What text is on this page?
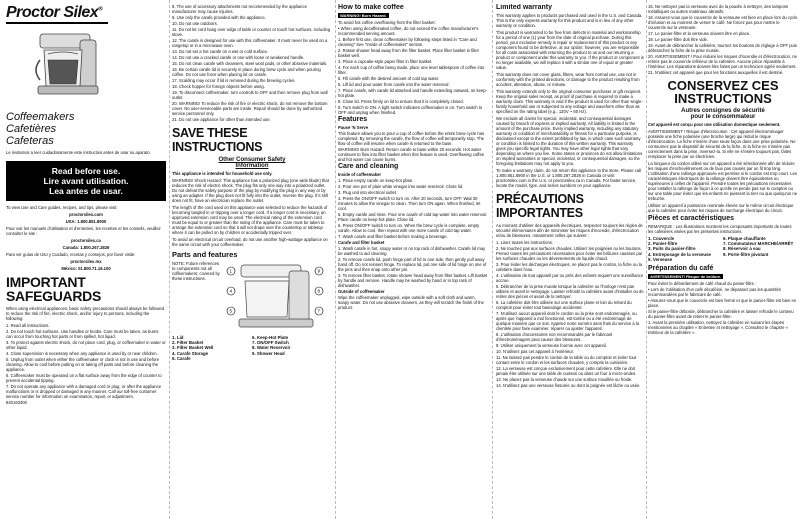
Proctor Silex®
Coffeemakers
Cafetières
Cafeteras
Le invitamos a leer cuidadosamente este instructivo antes de usar su aparato.
Read before use.
Lire avant utilisation.
Lea antes de usar.

To view Use and Care guides, recipes, and tips, please visit:

proctorsilex.com

USA: 1.800.851.8900

Pour voir les manuels d'utilisation et d'entretien, les recettes et les conseils, veuillez consulter le site :

proctorsilex.ca

Canada: 1.800.267.2826

Para ver guías de Uso y Cuidado, recetas y consejos, por favor visite:

proctorsilex.mx

México: 01.800.71.16.100

IMPORTANT SAFEGUARDS
When using electrical appliances, basic safety precautions should always be followed to reduce the risk of fire, electric shock, and/or injury to persons, including the following:
1. Read all instructions.
2. Do not touch hot surfaces. Use handles or knobs. Care must be taken, as burns can occur from touching hot parts or from spilled, hot liquid.
3. To protect against electric shock, do not place cord, plug, or coffeemaker in water or other liquid.
4. Close supervision is necessary when any appliance is used by or near children.
5. Unplug from outlet when either the coffeemaker or clock is not in use and before cleaning. Allow to cool before putting on or taking off parts and before cleaning the appliance.
6. Coffeemaker must be operated on a flat surface away from the edge of counter to prevent accidental tipping.
7. Do not operate any appliance with a damaged cord or plug, or after the appliance malfunctions or is dropped or damaged in any manner. Call our toll-free customer service number for information on examination, repair, or adjustment.
840163400
8. The use of accessory attachments not recommended by the appliance manufacturer may cause injuries.
9. Use only the carafe provided with the appliance.
10. Do not use outdoors.
11. Do not let cord hang over edge of table or counter or touch hot surfaces, including stove.
12. The carafe is designed for use with this coffeemaker. It must never be used on a rangetop or in a microwave oven.
13. Do not set a hot carafe on a wet or cold surface.
14. Do not use a cracked carafe or one with loose or weakened handle.
15. Do not clean carafe with cleansers, steel wool pads, or other abrasive materials.
16. Be certain carafe lid is securely in place during brew cycle and when pouring coffee. Do not use force when placing lid on carafe.
17. Scalding may occur if lid is removed during the brewing cycles.
18. Check hopper for foreign objects before using.
19. To disconnect coffeemaker, turn controls to OFF and then remove plug from wall outlet.
20. WARNING! To reduce the risk of fire or electric shock, do not remove the bottom cover. No user-serviceable parts are inside. Repair should be done by authorized service personnel only.
21. Do not use appliance for other than intended use.
SAVE THESE INSTRUCTIONS
Other Consumer Safety
Information
This appliance is intended for household use only.
WARNING! Shock Hazard: This appliance has a polarized plug (one wide blade) that reduces the risk of electric shock. The plug fits only one way into a polarized outlet. Do not defeat the safety purpose of the plug by modifying the plug in any way or by using an adapter. If the plug does not fit fully into the outlet, reverse the plug. If it still does not fit, have an electrician replace the outlet.
The length of the cord used on this appliance was selected to reduce the hazards of becoming tangled in or tripping over a longer cord. If a longer cord is necessary, an approved extension cord may be used. The electrical rating of the extension cord must be equal to or greater than the rating of the appliance. Care must be taken to arrange the extension cord so that it will not drape over the countertop or tabletop where it can be pulled on by children or accidentally tripped over.
To avoid an electrical circuit overload, do not use another high-wattage appliance on the same circuit with your coffeemaker.
Parts and features
NOTE: Future references to components not all coffeemakers; covered by these instructions.
1
4
5
9
8
7
1. Lid	6. Keep-Hot Plate
2. Filter Basket	7. ON/OFF Switch
3. Filter Basket Well	8. Water Reservoir
4. Carafe Storage	9. Shower Head
5. Carafe
How to make coffee
WARNING! Burn Hazard.
To avoid hot coffee overflowing from the filter basket:
• When using decaffeinated coffee, do not exceed the coffee manufacturer's recommended serving amount.
1. Before first use, clean coffeemaker by following steps listed in "Care and cleaning" See "Inside of coffeemaker" section.
2. Rotate shower head away from the filter basket. Place filter basket in filter basket well.
3. Place a cupcake-style paper filter in filter basket.
4. For each cup of coffee being made, place one level tablespoon of coffee into filter.
5. Fill carafe with the desired amount of cold tap water.
6. Lift lid and pour water from carafe into the water reservoir.
7. Place carafe, with carafe lid attached and handle extending outward, on keep-hot plate.
8. Close lid. Press firmly on lid to ensure that it is completely closed.
9. Turn switch to ON. A light switch indicates coffeemaker is on. Turn switch to OFF and unplug when finished.
Features
Pause 'N Serve
This feature allows you to pour a cup of coffee before the entire brew cycle has completed. By removing the carafe, the flow of coffee will temporarily stop. The flow of coffee will resume when carafe is returned to the base.
WARNING! Burn Hazard. Return carafe to base within 20 seconds. Hot water continues to flow into filter basket when this feature is used. Overflowing coffee and hot water can cause burns.
Care and cleaning
Inside of coffeemaker
1. Place empty carafe on keep-hot plate.
2. Pour one pot of plain white vinegar into water reservoir. Close lid.
3. Plug unit into electrical outlet.
4. Press the ON/OFF switch to turn on. After 20 seconds, turn OFF. Wait 30 minutes to allow the vinegar to clean. Then turn ON again. When finished, let cool.
5. Empty carafe and rinse. Pour one carafe of cold tap water into water reservoir. Place carafe on keep-hot plate. Close lid.
6. Press ON/OFF switch to turn on. When the brew cycle is complete, empty carafe. Allow to cool, then repeat with one more carafe of cold tap water.
7. Wash carafe and filter basket before making a beverage.
Carafe and filter basket
1. Wash carafe in hot, soapy water or on top rack of dishwasher. Carafe lid may be washed to aid cleaning.
2. To remove carafe lid, push hinge part of lid to one side, then gently pull away hand off. Do not reinsert hinge. To replace lid, put one side of lid hinge on one of the pins and then snap onto other pin.
3. To remove filter basket, rotate shower head away from filter basket. Lift basket by handle and remove. Handle may be washed by hand or in top rack of dishwasher.
Outside of coffeemaker
Wipe the coffeemaker unplugged, wipe outside with a soft cloth and warm, soapy water. Do not use abrasive cleaners, as they will scratch the finish of the product.
Limited warranty

This warranty applies to products purchased and used in the U.S. and Canada. This is the only express warranty for this product and is in lieu of any other warranty or condition.

This product is warranted to be free from defects in material and workmanship for a period of one (1) year from the date of original purchase. During this period, your exclusive remedy is repair or replacement of this product or any component found to be defective, at our option; however, you are responsible for all costs associated with returning the product to us and our returning a product or component under this warranty to you. If the product or component is no longer available, we will replace it with a similar one of equal or greater value.

This warranty does not cover glass, filters, wear from normal use, use not in conformity with the printed directions, or damage to the product resulting from accident, alteration, abuse, or misuse.

This warranty extends only to the original consumer purchaser or gift recipient. Keep the original sales receipt, as proof of purchase is required to make a warranty claim. This warranty is void if the product is used for other than single-family household use or subjected to any voltage and waveform other than as specified on the rating label (e.g., 120V ~ 60 Hz).

We exclude all claims for special, incidental, and consequential damages caused by breach of express or implied warranty. All liability is limited to the amount of the purchase price. Every implied warranty, including any statutory warranty or condition of merchantability or fitness for a particular purpose, is disclaimed except to the extent prohibited by law, in which case such warranty or condition is limited to the duration of this written warranty. This warranty gives you specific legal rights. You may have other legal rights that vary depending on where you live. Some states or provinces do not allow limitations on implied warranties or special, incidental, or consequential damages, so the foregoing limitations may not apply to you.

To make a warranty claim, do not return this appliance to the store. Please call 1.800.851.8900 in the U.S. or 1.800.267.2826 in Canada or visit proctorsilex.com in the U.S. or proctorsilex.ca in Canada. For faster service, locate the model, type, and series numbers on your appliance.

PRÉCAUTIONS IMPORTANTES
Au moment d'utiliser des appareils électriques, respectez toujours les règles de sécurité élémentaires afin de minimiser les risques d'incendie, d'électrocution et/ou de blessures, notamment celles qui suivent :
1. Lisez toutes les instructions.
2. Ne touchez pas aux surfaces chaudes. Utilisez les poignées ou les boutons. Prenez toutes les précautions nécessaires pour éviter les brûlures causées par les surfaces chaudes ou les déversements de liquide chaud.
3. Pour éviter les décharges électriques, ne placez pas le cordon, la fiche ou la cafetière dans l'eau.
4. L'utilisation de tout appareil par ou près des enfants requiert une surveillance accrue.
5. Débrancher de la prise murale lorsque la cafetière ou l'horloge n'est pas utilisée et avant le nettoyage. Laisser refroidir la cafetière avant d'installer ou de retirer des pièces et avant de la nettoyer.
6. La cafetière doit être utilisée sur une surface plane et loin du rebord du comptoir pour éviter tout basculage accidentel.
7. N'utilisez aucun appareil dont le cordon ou la prise sont endommagés, ou après que l'appareil a mal fonctionné, est tombé ou a été endommagé de quelque manière que ce soit. Appelez notre numéro sans frais du service à la clientèle pour faire examiner, réparer ou ajuster l'appareil.
8. L'utilisation d'accessoires non recommandés par le fabricant d'électroménagers peut causer des blessures.
9. Utiliser uniquement la verseuse fournie avec cet appareil.
10. N'utilisez pas cet appareil à l'extérieur.
11. Ne laissez pas pendre le cordon de la table ou du comptoir et éviter tout contact entre le cordon et les surfaces chaudes, y compris la cuisinière.
12. La verseuse est conçue exclusivement pour cette cafetière. Elle ne doit jamais être utilisée sur une table de cuisson ou dans un four à micro-ondes.
13. Ne placez pas la verseuse chaude sur une surface mouillée ou froide.
14. N'utilisez pas une verseuse fissurée ou dont la poignée est lâche ou usée.
15. Ne nettoyez pas la verseuse avec de la poudre à nettoyer, des tampons métalliques ou autres matériaux abrasifs.
16. Assurez-vous que le couvercle de la verseuse est bien en place lors du cycle d'infusion et au moment de verser le café. Ne forcez pas pour mettre le couvercle sur la verseuse.
17. Le panier-filtre et la verseuse doivent être en place.
18. Le panier-filtre doit être vide.
19. Avant de débrancher la cafetière, tournez les boutons de réglage à OFF puis débranchez la fiche de la prise murale.
20. AVERTISSEMENT ! Pour réduire les risques d'incendie et d'électrocution, ne retirez pas le couvercle inférieur de la cafetière. Aucune pièce réparable à l'intérieur. Les réparations doivent être faites par un technicien agréé seulement.
21. N'utilisez cet appareil que pour les fonctions auxquelles il est destiné.
CONSERVEZ CES INSTRUCTIONS
Autres consignes de sécurité
pour le consommateur
Cet appareil est conçu pour une utilisation domestique seulement.
AVERTISSEMENT ! Risque d'électrocution : Cet appareil électroménager possède une fiche polarisée (une broche large) qui réduit le risque d'électrocution. La fiche s'insère d'une seule façon dans une prise polarisée. Ne contournez pas le dispositif de sécurité de la fiche. Si la fiche ne s'insère pas correctement dans la prise, inversez-la. Si elle ne s'insère toujours pas, faites remplacer la prise par un électricien.
La longueur du cordon utilisé sur cet appareil a été sélectionnée afin de réduire les risques d'enchevêtrement ou de faux pas causés par un fil trop long. L'utilisation d'une rallonge approuvée est permise si le cordon est trop court. Les caractéristiques électriques de la rallonge doivent être équivalentes ou supérieures à celles de l'appareil. Prendre toutes les précautions nécessaires pour installer la rallonge de façon à ce qu'elle ne pende pas sur le comptoir ou sur une table pour éviter que les enfants ne puissent la tirer ou que quelqu'un ne trébuche.
Utiliser un appareil à puissance nominale élevée sur le même circuit électrique que la cafetière pour éviter les risques de surcharge électrique du circuit.
Pièces et caractéristiques
REMARQUE : Les illustrations montrent les composants importants de toutes les cafetières visées par les présentes instructions.
1. Couvercle	6. Plaque chauffante
2. Panier-filtre	7. Commutateur MARCHE/ARRÊT
3. Puits du panier-filtre	8. Réservoir à eau
4. Entreposage de la verseuse	9. Porte-filtre pivotant
5. Verseuse
Préparation du café
AVERTISSEMENT! Risque de brûlure.
Pour éviter le débordement de café chaud du panier-filtre :
• Lors de l'utilisation d'un café décaféiné, ne dépassez pas les quantités recommandées par le fabricant de café.
• Assurez-vous que le couvercle est bien fermé et que le panier-filtre est bien en place.
Si le panier-filtre déborde, débrancher la cafetière et laisser refroidir le contenu du panier-filtre avant de retirer le panier-filtre.
1. Avant la première utilisation, nettoyez la cafetière en suivant les étapes mentionnées au chapitre « Entretien et nettoyage ». Consultez le chapitre « Intérieur de la cafetière ».
